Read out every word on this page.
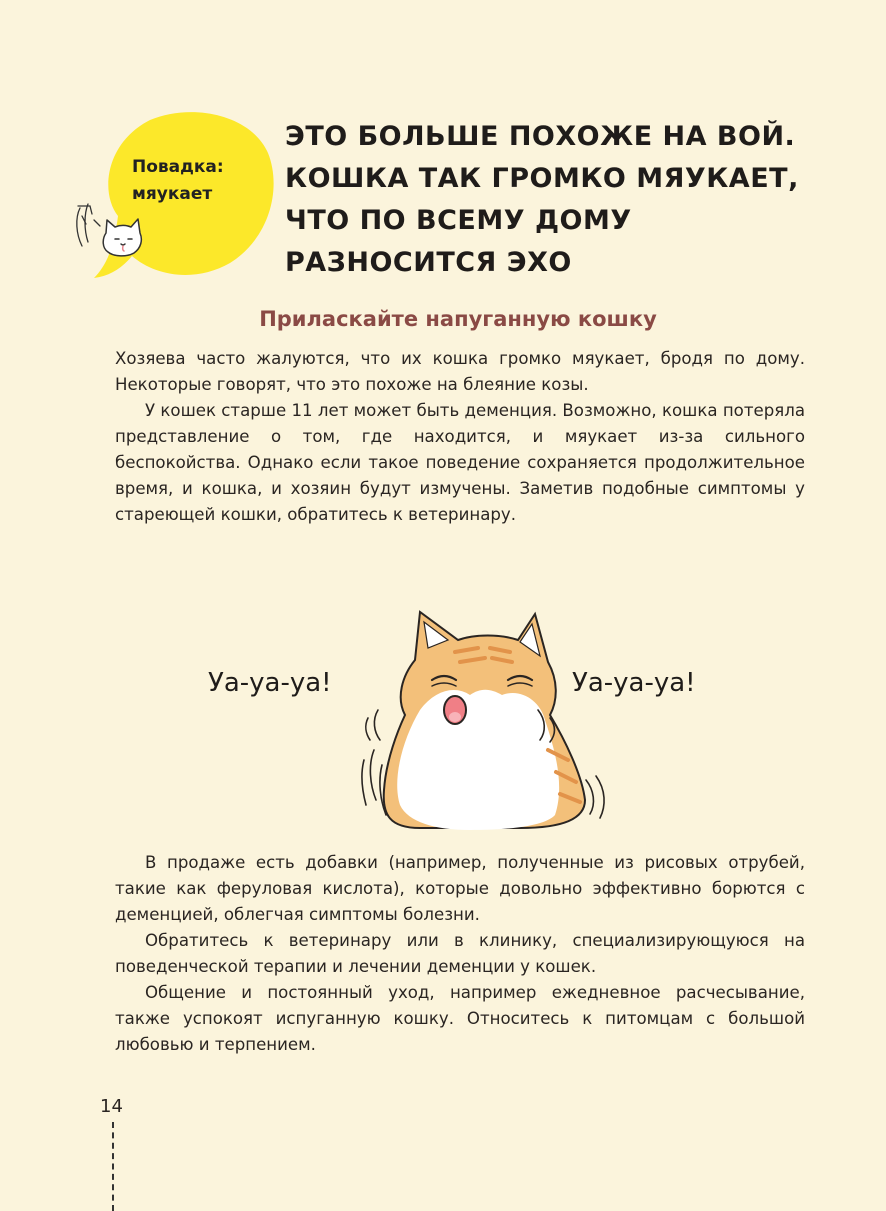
Повадка:
мяукает
ЭТО БОЛЬШЕ ПОХОЖЕ НА ВОЙ.
КОШКА ТАК ГРОМКО МЯУКАЕТ,
ЧТО ПО ВСЕМУ ДОМУ
РАЗНОСИТСЯ ЭХО
Приласкайте напуганную кошку

Хозяева часто жалуются, что их кошка громко мяукает, бродя по дому. Некоторые говорят, что это похоже на блеяние козы.

У кошек старше 11 лет может быть деменция. Возможно, кошка потеряла представление о том, где находится, и мяукает из-за сильного беспокойства. Однако если такое поведение сохраняется продолжительное время, и кошка, и хозяин будут измучены. Заметив подобные симптомы у стареющей кошки, обратитесь к ветеринару.

Уа-уа-уа!	Уа-уа-уа!

В продаже есть добавки (например, полученные из рисовых отрубей, такие как феруловая кислота), которые довольно эффективно борются с деменцией, облегчая симптомы болезни.

Обратитесь к ветеринару или в клинику, специализирующуюся на поведенческой терапии и лечении деменции у кошек.

Общение и постоянный уход, например ежедневное расчесывание, также успокоят испуганную кошку. Относитесь к питомцам с большой любовью и терпением.

14
